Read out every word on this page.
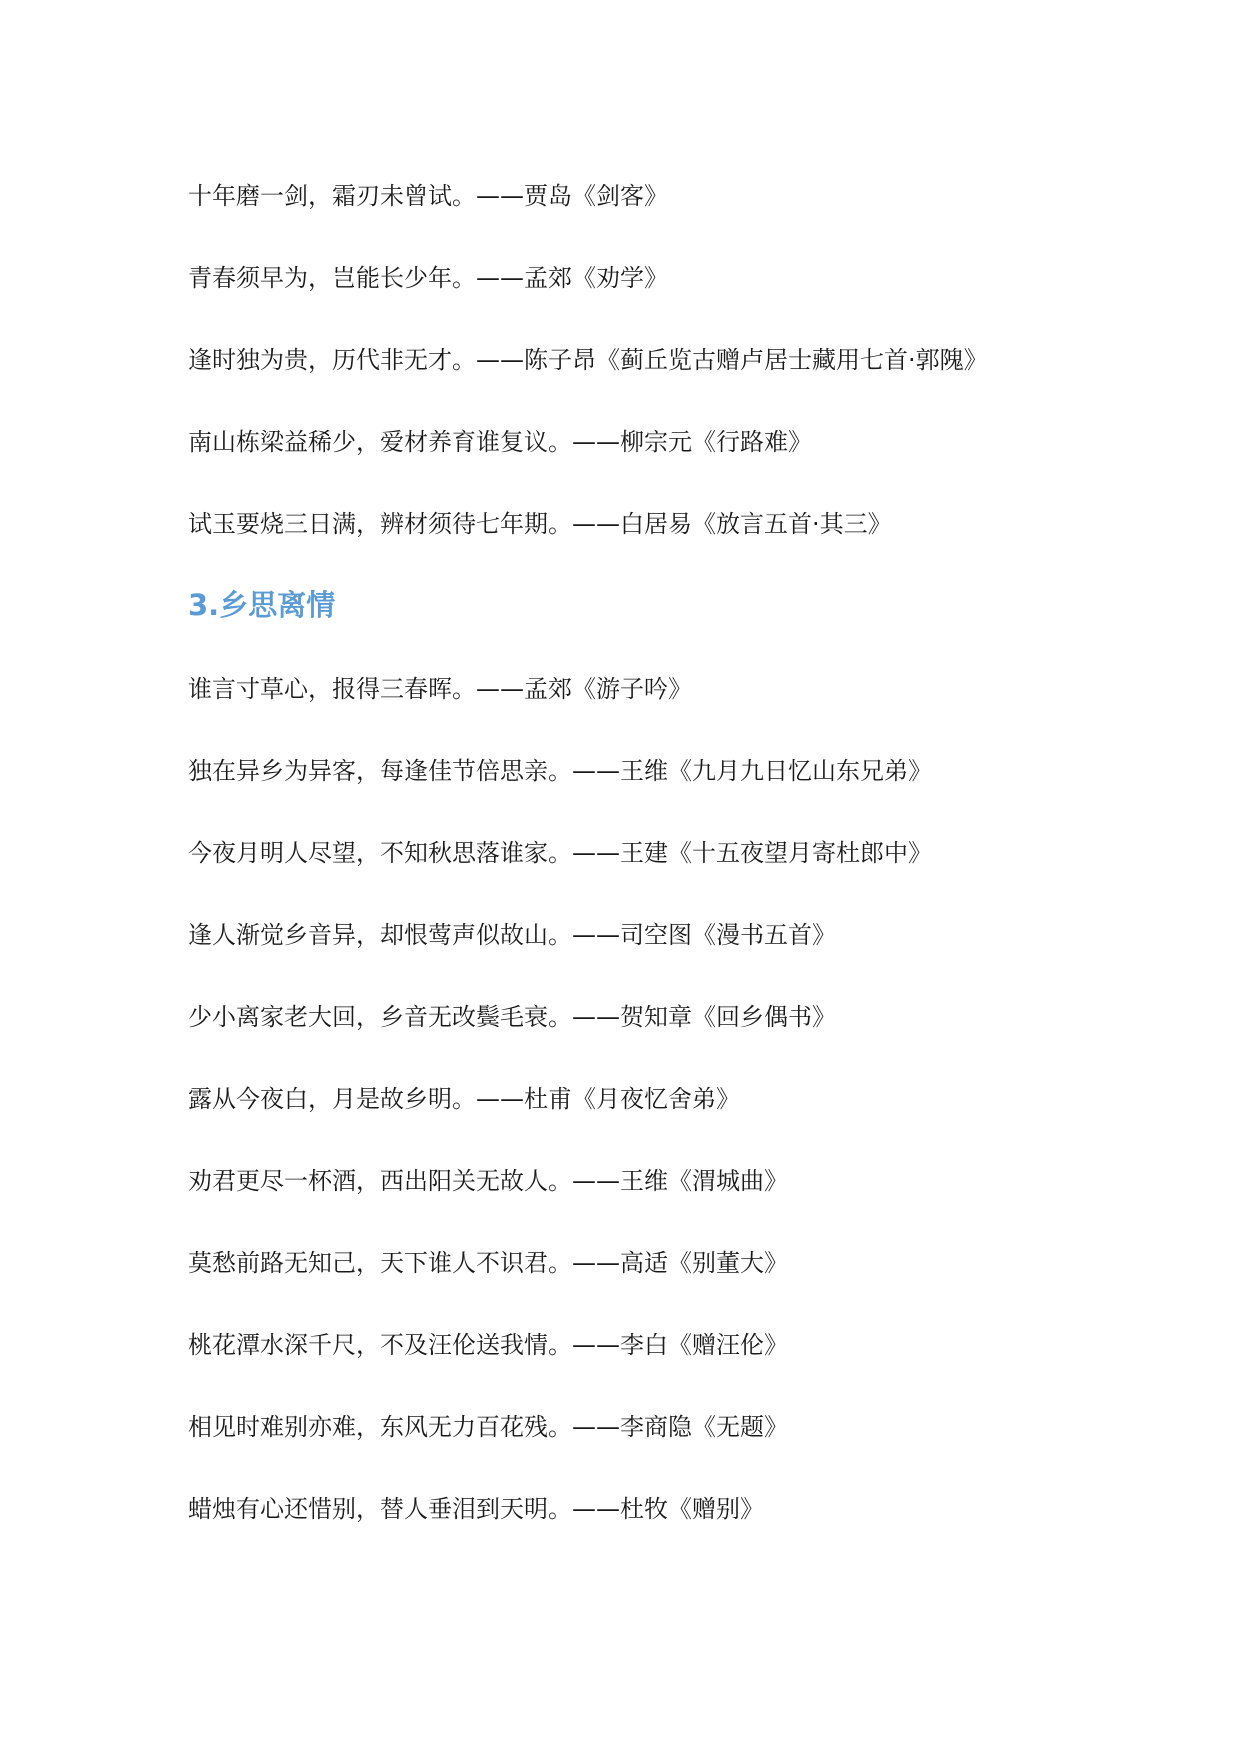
十年磨一剑，霜刃未曾试。——贾岛《剑客》
青春须早为，岂能长少年。——孟郊《劝学》
逢时独为贵，历代非无才。——陈子昂《蓟丘览古赠卢居士藏用七首·郭隗》
南山栋梁益稀少，爱材养育谁复议。——柳宗元《行路难》
试玉要烧三日满，辨材须待七年期。——白居易《放言五首·其三》
3.乡思离情
谁言寸草心，报得三春晖。——孟郊《游子吟》
独在异乡为异客，每逢佳节倍思亲。——王维《九月九日忆山东兄弟》
今夜月明人尽望，不知秋思落谁家。——王建《十五夜望月寄杜郎中》
逢人渐觉乡音异，却恨莺声似故山。——司空图《漫书五首》
少小离家老大回，乡音无改鬓毛衰。——贺知章《回乡偶书》
露从今夜白，月是故乡明。——杜甫《月夜忆舍弟》
劝君更尽一杯酒，西出阳关无故人。——王维《渭城曲》
莫愁前路无知己，天下谁人不识君。——高适《别董大》
桃花潭水深千尺，不及汪伦送我情。——李白《赠汪伦》
相见时难别亦难，东风无力百花残。——李商隐《无题》
蜡烛有心还惜别，替人垂泪到天明。——杜牧《赠别》
